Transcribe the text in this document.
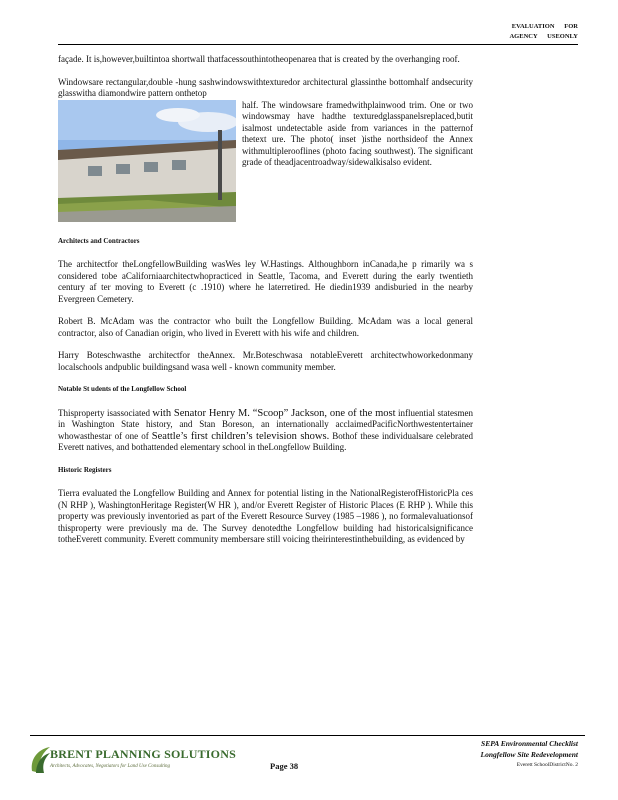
EVALUATION      FOR
AGENCY      USEONLY

façade. It is,however,builtintoa shortwall thatfacessouthintotheopenarea that is created by the overhanging roof.

Windowsare rectangular,double -hung sashwindowswithtexturedor architectural glassinthe bottomhalf andsecurity glasswitha diamondwire pattern onthetop

half. The windowsare framedwithplainwood trim. One or two windowsmay have hadthe texturedglasspanelsreplaced,butit isalmost undetectable aside from variances in the patternof thetext ure. The photo( inset )isthe northsideof the Annex withmultiplerooflines (photo facing southwest). The significant grade of theadjacentroadway/sidewalkisalso evident.
Architects and Contractors

The architectfor theLongfellowBuilding wasWes ley W.Hastings. Althoughborn inCanada,he p rimarily wa s considered tobe aCaliforniaarchitectwhopracticed in Seattle, Tacoma, and Everett during the early twentieth century af ter moving to Everett (c .1910) where he laterretired. He diedin1939 andisburied in the nearby Evergreen Cemetery.

Robert B. McAdam was the contractor who built the Longfellow Building. McAdam was a local general contractor, also of Canadian origin, who lived in Everett with his wife and children.

Harry Boteschwasthe architectfor theAnnex. Mr.Boteschwasa notableEverett architectwhoworkedonmany localschools andpublic buildingsand wasa well - known community member.

Notable St udents of the Longfellow School

Thisproperty isassociated with Senator Henry M. “Scoop” Jackson, one of the most influential statesmen in Washington State history, and Stan Boreson, an internationally acclaimedPacificNorthwestentertainer whowasthestar of one of Seattle’s first children’s television shows. Bothof these individualsare celebrated Everett natives, and bothattended elementary school in theLongfellow Building.

Historic Registers

Tierra evaluated the Longfellow Building and Annex for potential listing in the NationalRegisterofHistoricPla ces (N RHP ), WashingtonHeritage Register(W HR ), and/or Everett Register of Historic Places (E RHP ). While this property was previously inventoried as part of the Everett Resource Survey (1985 –1986 ), no formalevaluationsof thisproperty were previously ma de. The Survey denotedthe Longfellow building had historicalsignificance totheEverett community. Everett community membersare still voicing theirinterestinthebuilding, as evidenced by

BRENT PLANNING SOLUTIONS
Architects, Advocates, Negotiators for Land Use Consulting	Page 38
SEPA Environmental Checklist
Longfellow Site Redevelopment
Everett SchoolDistrictNo. 2
